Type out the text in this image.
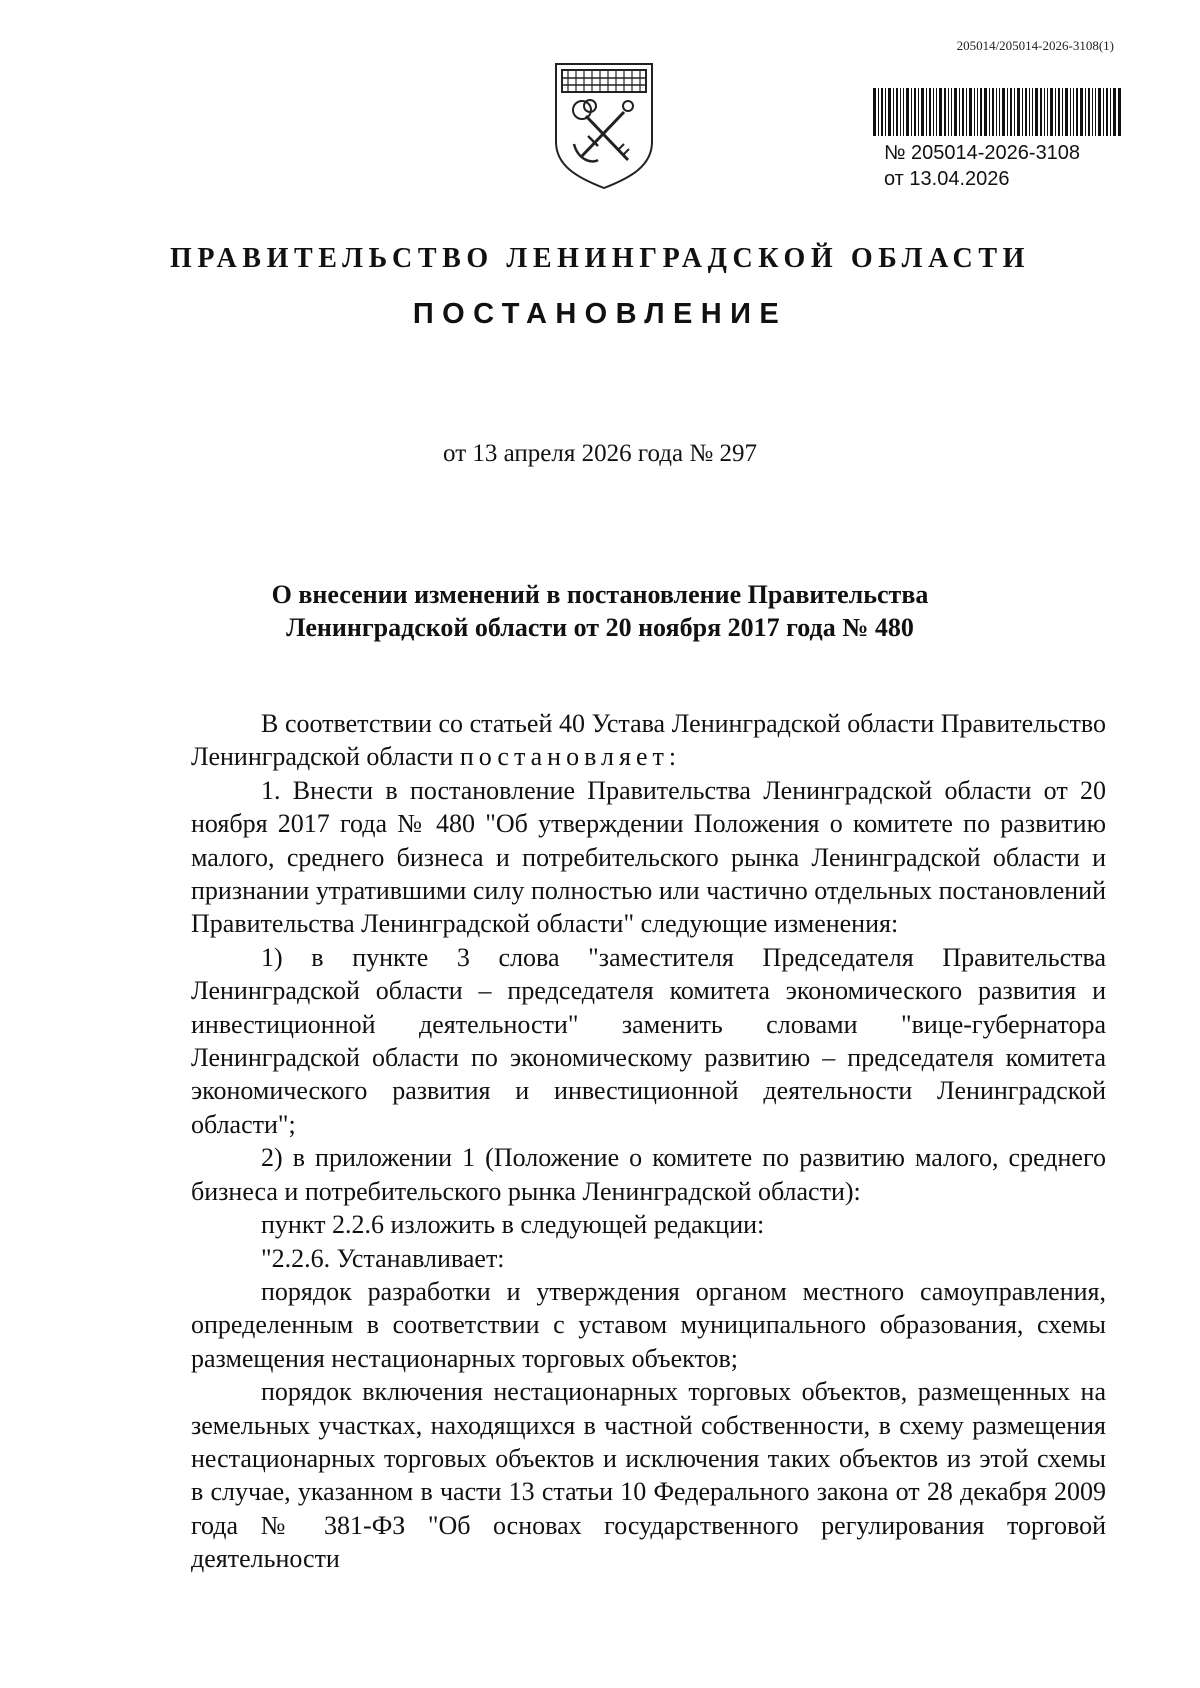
205014/205014-2026-3108(1)
№ 205014-2026-3108
от 13.04.2026
ПРАВИТЕЛЬСТВО ЛЕНИНГРАДСКОЙ ОБЛАСТИ
ПОСТАНОВЛЕНИЕ
от 13 апреля 2026 года № 297
О внесении изменений в постановление Правительства
Ленинградской области от 20 ноября 2017 года № 480

В соответствии со статьей 40 Устава Ленинградской области Правительство Ленинградской области постановляет:

1. Внести в постановление Правительства Ленинградской области от 20 ноября 2017 года № 480 "Об утверждении Положения о комитете по развитию малого, среднего бизнеса и потребительского рынка Ленинградской области и признании утратившими силу полностью или частично отдельных постановлений Правительства Ленинградской области" следующие изменения:

1) в пункте 3 слова "заместителя Председателя Правительства Ленинградской области – председателя комитета экономического развития и инвестиционной деятельности" заменить словами "вице-губернатора Ленинградской области по экономическому развитию – председателя комитета экономического развития и инвестиционной деятельности Ленинградской области";

2) в приложении 1 (Положение о комитете по развитию малого, среднего бизнеса и потребительского рынка Ленинградской области):

пункт 2.2.6 изложить в следующей редакции:

"2.2.6. Устанавливает:

порядок разработки и утверждения органом местного самоуправления, определенным в соответствии с уставом муниципального образования, схемы размещения нестационарных торговых объектов;

порядок включения нестационарных торговых объектов, размещенных на земельных участках, находящихся в частной собственности, в схему размещения нестационарных торговых объектов и исключения таких объектов из этой схемы в случае, указанном в части 13 статьи 10 Федерального закона от 28 декабря 2009 года № 381-ФЗ "Об основах государственного регулирования торговой деятельности
